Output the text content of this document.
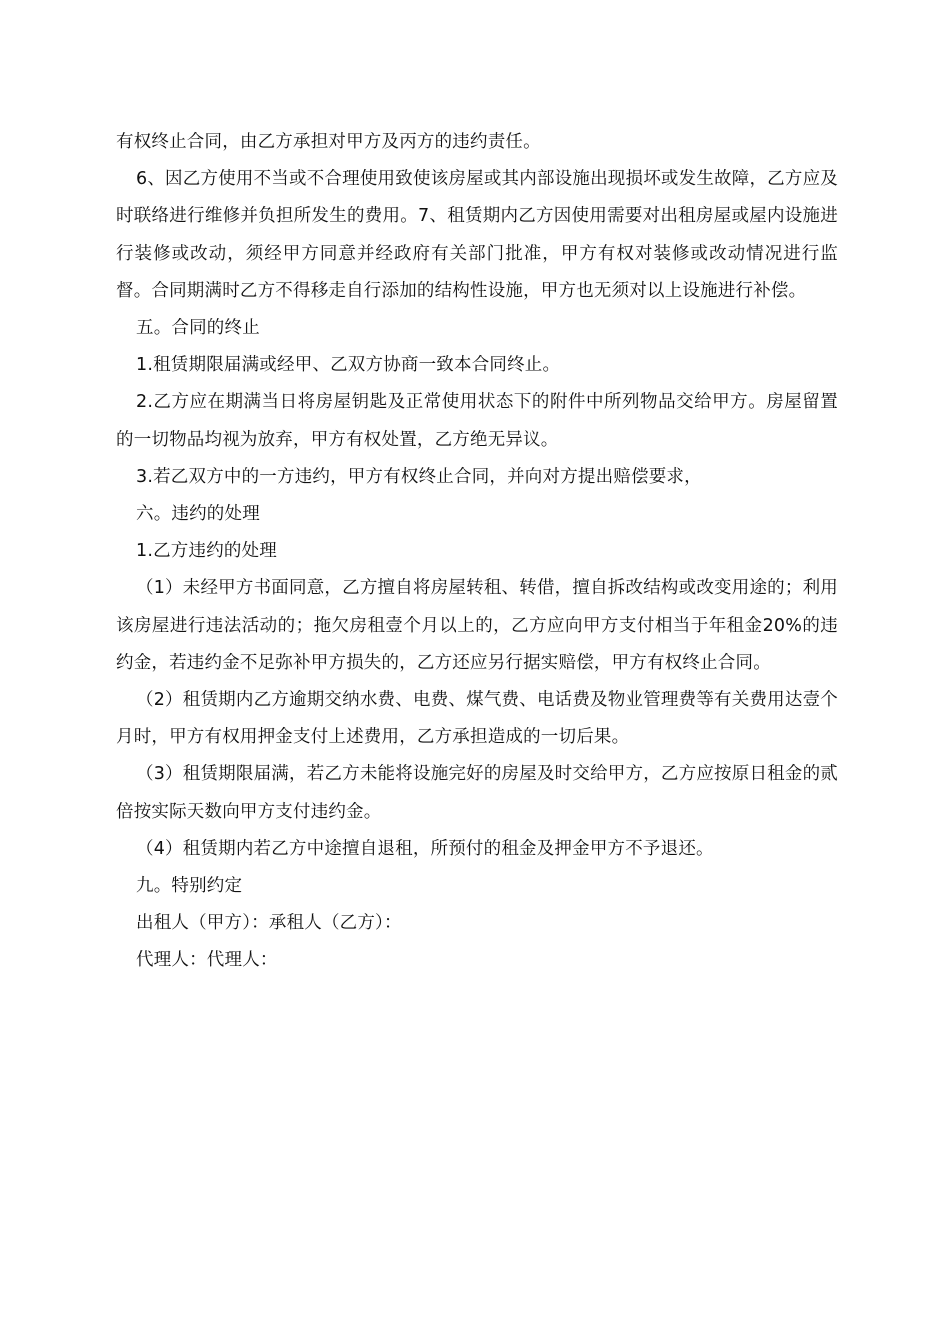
有权终止合同，由乙方承担对甲方及丙方的违约责任。

6、因乙方使用不当或不合理使用致使该房屋或其内部设施出现损坏或发生故障，乙方应及时联络进行维修并负担所发生的费用。7、租赁期内乙方因使用需要对出租房屋或屋内设施进行装修或改动，须经甲方同意并经政府有关部门批准，甲方有权对装修或改动情况进行监督。合同期满时乙方不得移走自行添加的结构性设施，甲方也无须对以上设施进行补偿。

五。合同的终止

1.租赁期限届满或经甲、乙双方协商一致本合同终止。

2.乙方应在期满当日将房屋钥匙及正常使用状态下的附件中所列物品交给甲方。房屋留置的一切物品均视为放弃，甲方有权处置，乙方绝无异议。

3.若乙双方中的一方违约，甲方有权终止合同，并向对方提出赔偿要求，

六。违约的处理

1.乙方违约的处理

（1）未经甲方书面同意，乙方擅自将房屋转租、转借，擅自拆改结构或改变用途的；利用该房屋进行违法活动的；拖欠房租壹个月以上的，乙方应向甲方支付相当于年租金20%的违约金，若违约金不足弥补甲方损失的，乙方还应另行据实赔偿，甲方有权终止合同。

（2）租赁期内乙方逾期交纳水费、电费、煤气费、电话费及物业管理费等有关费用达壹个月时，甲方有权用押金支付上述费用，乙方承担造成的一切后果。

（3）租赁期限届满，若乙方未能将设施完好的房屋及时交给甲方，乙方应按原日租金的贰倍按实际天数向甲方支付违约金。

（4）租赁期内若乙方中途擅自退租，所预付的租金及押金甲方不予退还。

九。特别约定

出租人（甲方）：承租人（乙方）：

代理人：代理人：
